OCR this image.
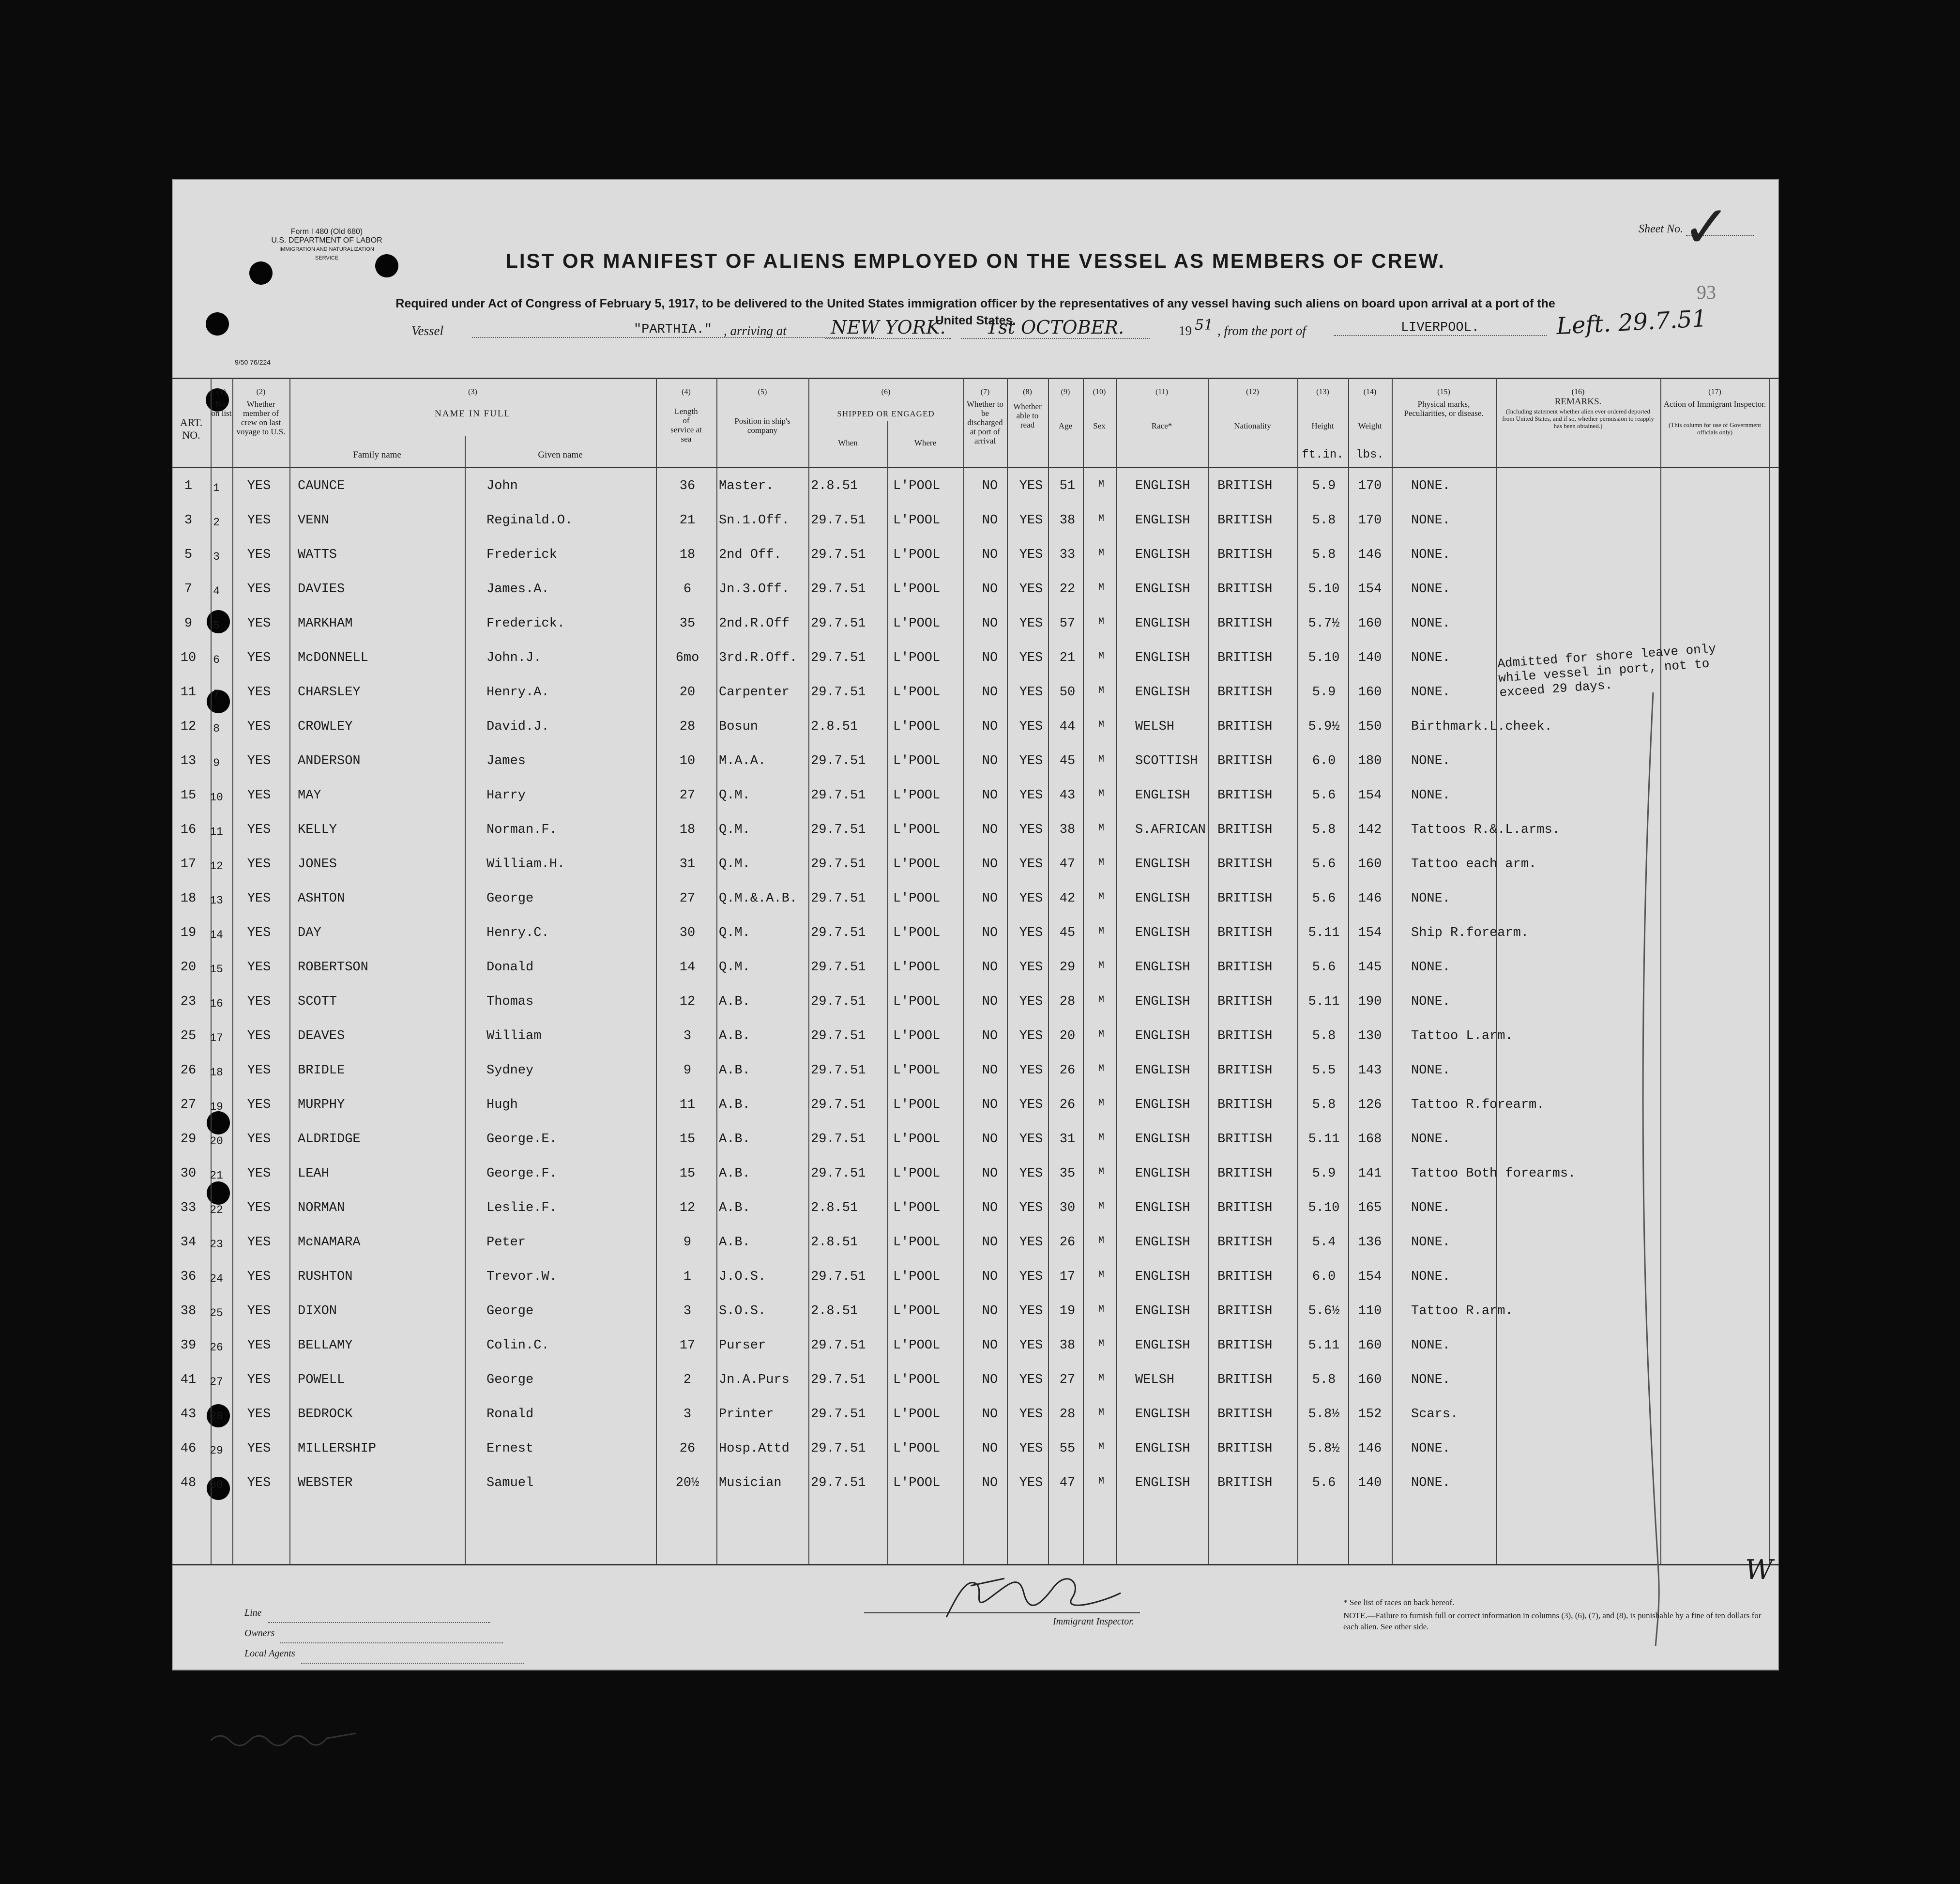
Form I 480 (Old 680)
U.S. DEPARTMENT OF LABOR
IMMIGRATION AND NATURALIZATION SERVICE
9/50 76/224
Sheet No.
✓
93
LIST OR MANIFEST OF ALIENS EMPLOYED ON THE VESSEL AS MEMBERS OF CREW.
Required under Act of Congress of February 5, 1917, to be delivered to the United States immigration officer by the representatives of any vessel having such aliens on board upon arrival at a port of the United States.
Vessel	"PARTHIA." , arriving at NEW YORK.	1st OCTOBER.	19 51 , from the port of	LIVERPOOL.	Left. 29.7.51
ART. NO.
(1)
No. on list
(2)
Whether member of crew on last voyage to U.S.
(3)
NAME IN FULL
Family name	Given name
(4)
Length of service at sea
(5)
Position in ship's company
(6)
SHIPPED OR ENGAGED
When	Where
(7)
Whether to be discharged at port of arrival
(8)
Whether able to read
(9)
Age
(10)
Sex
(11)
Race*
(12)
Nationality
(13)
Height
ft.in.
(14)
Weight
lbs.
(15)
Physical marks, Peculiarities, or disease.
(16)
REMARKS.
(Including statement whether alien ever ordered deported from United States, and if so, whether permission to reapply has been obtained.)
(17)
Action of Immigrant Inspector.
(This column for use of Government officials only)
1	1	YES	CAUNCE	John	36	Master.	2.8.51	L'POOL	NO	YES	51	M	ENGLISH BRITISH	5.9	170	NONE.
3	2	YES	VENN	Reginald.O.	21	Sn.1.Off. 29.7.51 L'POOL	NO	YES	38	M	ENGLISH BRITISH	5.8	170	NONE.
5	3	YES	WATTS	Frederick	18	2nd Off. 29.7.51 L'POOL	NO	YES	33	M	ENGLISH BRITISH	5.8	146	NONE.
7	4	YES	DAVIES	James.A.	6	Jn.3.Off. 29.7.51 L'POOL	NO	YES	22	M	ENGLISH BRITISH	5.10	154	NONE.
9	5	YES	MARKHAM	Frederick.	35	2nd.R.Off 29.7.51 L'POOL	NO	YES	57	M	ENGLISH BRITISH	5.7½	160	NONE.
10	6	YES	McDONNELL	John.J.	6mo	3rd.R.Off. 29.7.51 L'POOL	NO	YES	21	M	ENGLISH BRITISH	5.10	140	NONE.
11	7	YES	CHARSLEY	Henry.A.	20	Carpenter 29.7.51 L'POOL	NO	YES	50	M	ENGLISH BRITISH	5.9	160	NONE.
12	8	YES	CROWLEY	David.J.	28	Bosun	2.8.51	L'POOL	NO	YES	44	M	WELSH	BRITISH	5.9½	150	Birthmark.L.cheek.
13	9	YES	ANDERSON	James	10	M.A.A.	29.7.51 L'POOL	NO	YES	45	M	SCOTTISH BRITISH	6.0	180	NONE.
15 10	YES	MAY	Harry	27	Q.M.	29.7.51 L'POOL	NO	YES	43	M	ENGLISH BRITISH	5.6	154	NONE.
16 11	YES	KELLY	Norman.F.	18	Q.M.	29.7.51 L'POOL	NO	YES	38	M	S.AFRICAN BRITISH	5.8	142	Tattoos R.&.L.arms.
17 12	YES	JONES	William.H.	31	Q.M.	29.7.51 L'POOL	NO	YES	47	M	ENGLISH BRITISH	5.6	160	Tattoo each arm.
18 13	YES	ASHTON	George	27	Q.M.&.A.B. 29.7.51 L'POOL	NO	YES	42	M	ENGLISH BRITISH	5.6	146	NONE.
19 14	YES	DAY	Henry.C.	30	Q.M.	29.7.51 L'POOL	NO	YES	45	M	ENGLISH BRITISH	5.11	154	Ship R.forearm.
20 15	YES	ROBERTSON	Donald	14	Q.M.	29.7.51 L'POOL	NO	YES	29	M	ENGLISH BRITISH	5.6	145	NONE.
23 16	YES	SCOTT	Thomas	12	A.B.	29.7.51 L'POOL	NO	YES	28	M	ENGLISH BRITISH	5.11	190	NONE.
25 17	YES	DEAVES	William	3	A.B.	29.7.51 L'POOL	NO	YES	20	M	ENGLISH BRITISH	5.8	130	Tattoo L.arm.
26 18	YES	BRIDLE	Sydney	9	A.B.	29.7.51 L'POOL	NO	YES	26	M	ENGLISH BRITISH	5.5	143	NONE.
27 19	YES	MURPHY	Hugh	11	A.B.	29.7.51 L'POOL	NO	YES	26	M	ENGLISH BRITISH	5.8	126	Tattoo R.forearm.
29 20	YES	ALDRIDGE	George.E.	15	A.B.	29.7.51 L'POOL	NO	YES	31	M	ENGLISH BRITISH	5.11	168	NONE.
30 21	YES	LEAH	George.F.	15	A.B.	29.7.51 L'POOL	NO	YES	35	M	ENGLISH BRITISH	5.9	141	Tattoo Both forearms.
33 22	YES	NORMAN	Leslie.F.	12	A.B.	2.8.51	L'POOL	NO	YES	30	M	ENGLISH BRITISH	5.10	165	NONE.
34 23	YES	McNAMARA	Peter	9	A.B.	2.8.51	L'POOL	NO	YES	26	M	ENGLISH BRITISH	5.4	136	NONE.
36 24	YES	RUSHTON	Trevor.W.	1	J.O.S.	29.7.51 L'POOL	NO	YES	17	M	ENGLISH BRITISH	6.0	154	NONE.
38 25	YES	DIXON	George	3	S.O.S.	2.8.51	L'POOL	NO	YES	19	M	ENGLISH BRITISH	5.6½	110	Tattoo R.arm.
39 26	YES	BELLAMY	Colin.C.	17	Purser	29.7.51 L'POOL	NO	YES	38	M	ENGLISH BRITISH	5.11	160	NONE.
41 27	YES	POWELL	George	2	Jn.A.Purs 29.7.51 L'POOL	NO	YES	27	M	WELSH	BRITISH	5.8	160	NONE.
43 28	YES	BEDROCK	Ronald	3	Printer	29.7.51 L'POOL	NO	YES	28	M	ENGLISH BRITISH	5.8½	152	Scars.
46 29	YES	MILLERSHIP	Ernest	26	Hosp.Attd 29.7.51 L'POOL	NO	YES	55	M	ENGLISH BRITISH	5.8½	146	NONE.
48 30	YES	WEBSTER	Samuel	20½	Musician 29.7.51 L'POOL	NO	YES	47	M	ENGLISH BRITISH	5.6	140	NONE.
Admitted for shore leave only while vessel in port, not to exceed 29 days.
Line
Owners
Local Agents
Immigrant Inspector.
* See list of races on back hereof.
NOTE.—Failure to furnish full or correct information in columns (3), (6), (7), and (8), is punishable by a fine of ten dollars for each alien. See other side.
W
